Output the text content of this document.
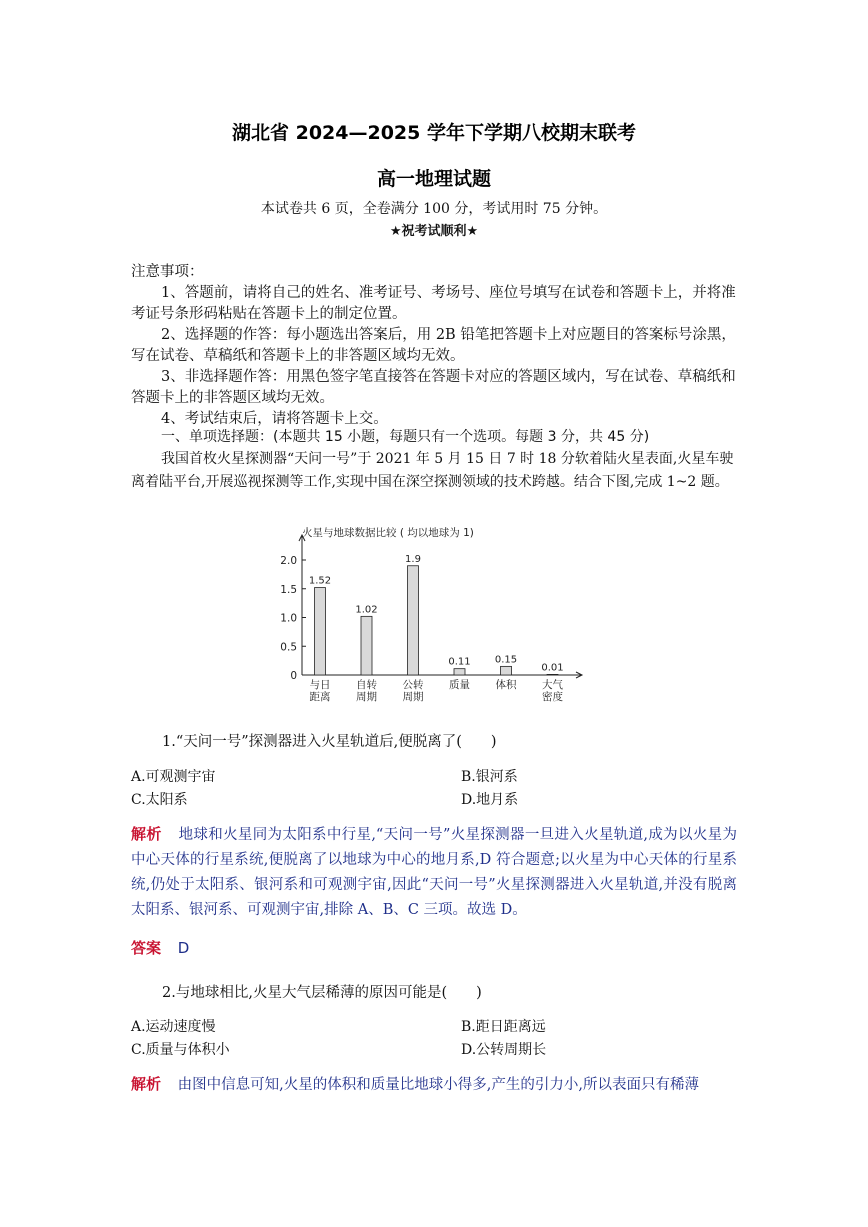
湖北省 2024—2025 学年下学期八校期末联考
高一地理试题
本试卷共 6 页，全卷满分 100 分，考试用时 75 分钟。
★祝考试顺利★
注意事项：
1、答题前，请将自己的姓名、准考证号、考场号、座位号填写在试卷和答题卡上，并将准考证号条形码粘贴在答题卡上的制定位置。
2、选择题的作答：每小题选出答案后，用 2B 铅笔把答题卡上对应题目的答案标号涂黑，写在试卷、草稿纸和答题卡上的非答题区域均无效。
3、非选择题作答：用黑色签字笔直接答在答题卡对应的答题区域内，写在试卷、草稿纸和答题卡上的非答题区域均无效。
4、考试结束后，请将答题卡上交。
一、单项选择题：(本题共 15 小题，每题只有一个选项。每题 3 分，共 45 分)
我国首枚火星探测器“天问一号”于 2021 年 5 月 15 日 7 时 18 分软着陆火星表面,火星车驶离着陆平台,开展巡视探测等工作,实现中国在深空探测领域的技术跨越。结合下图,完成 1~2 题。
火星与地球数据比较 ( 均以地球为 1)
0
0.5
1.0
1.5
2.0
1.52
与日
距离
1.02
自转
周期
1.9
公转
周期
0.11
质量
0.15
体积
0.01
大气
密度
1.“天问一号”探测器进入火星轨道后,便脱离了(　　)
A.可观测宇宙	B.银河系
C.太阳系	D.地月系
解析 地球和火星同为太阳系中行星,“天问一号”火星探测器一旦进入火星轨道,成为以火星为中心天体的行星系统,便脱离了以地球为中心的地月系,D 符合题意;以火星为中心天体的行星系统,仍处于太阳系、银河系和可观测宇宙,因此“天问一号”火星探测器进入火星轨道,并没有脱离太阳系、银河系、可观测宇宙,排除 A、B、C 三项。故选 D。
答案 D
2.与地球相比,火星大气层稀薄的原因可能是(　　)
A.运动速度慢	B.距日距离远
C.质量与体积小	D.公转周期长
解析 由图中信息可知,火星的体积和质量比地球小得多,产生的引力小,所以表面只有稀薄
